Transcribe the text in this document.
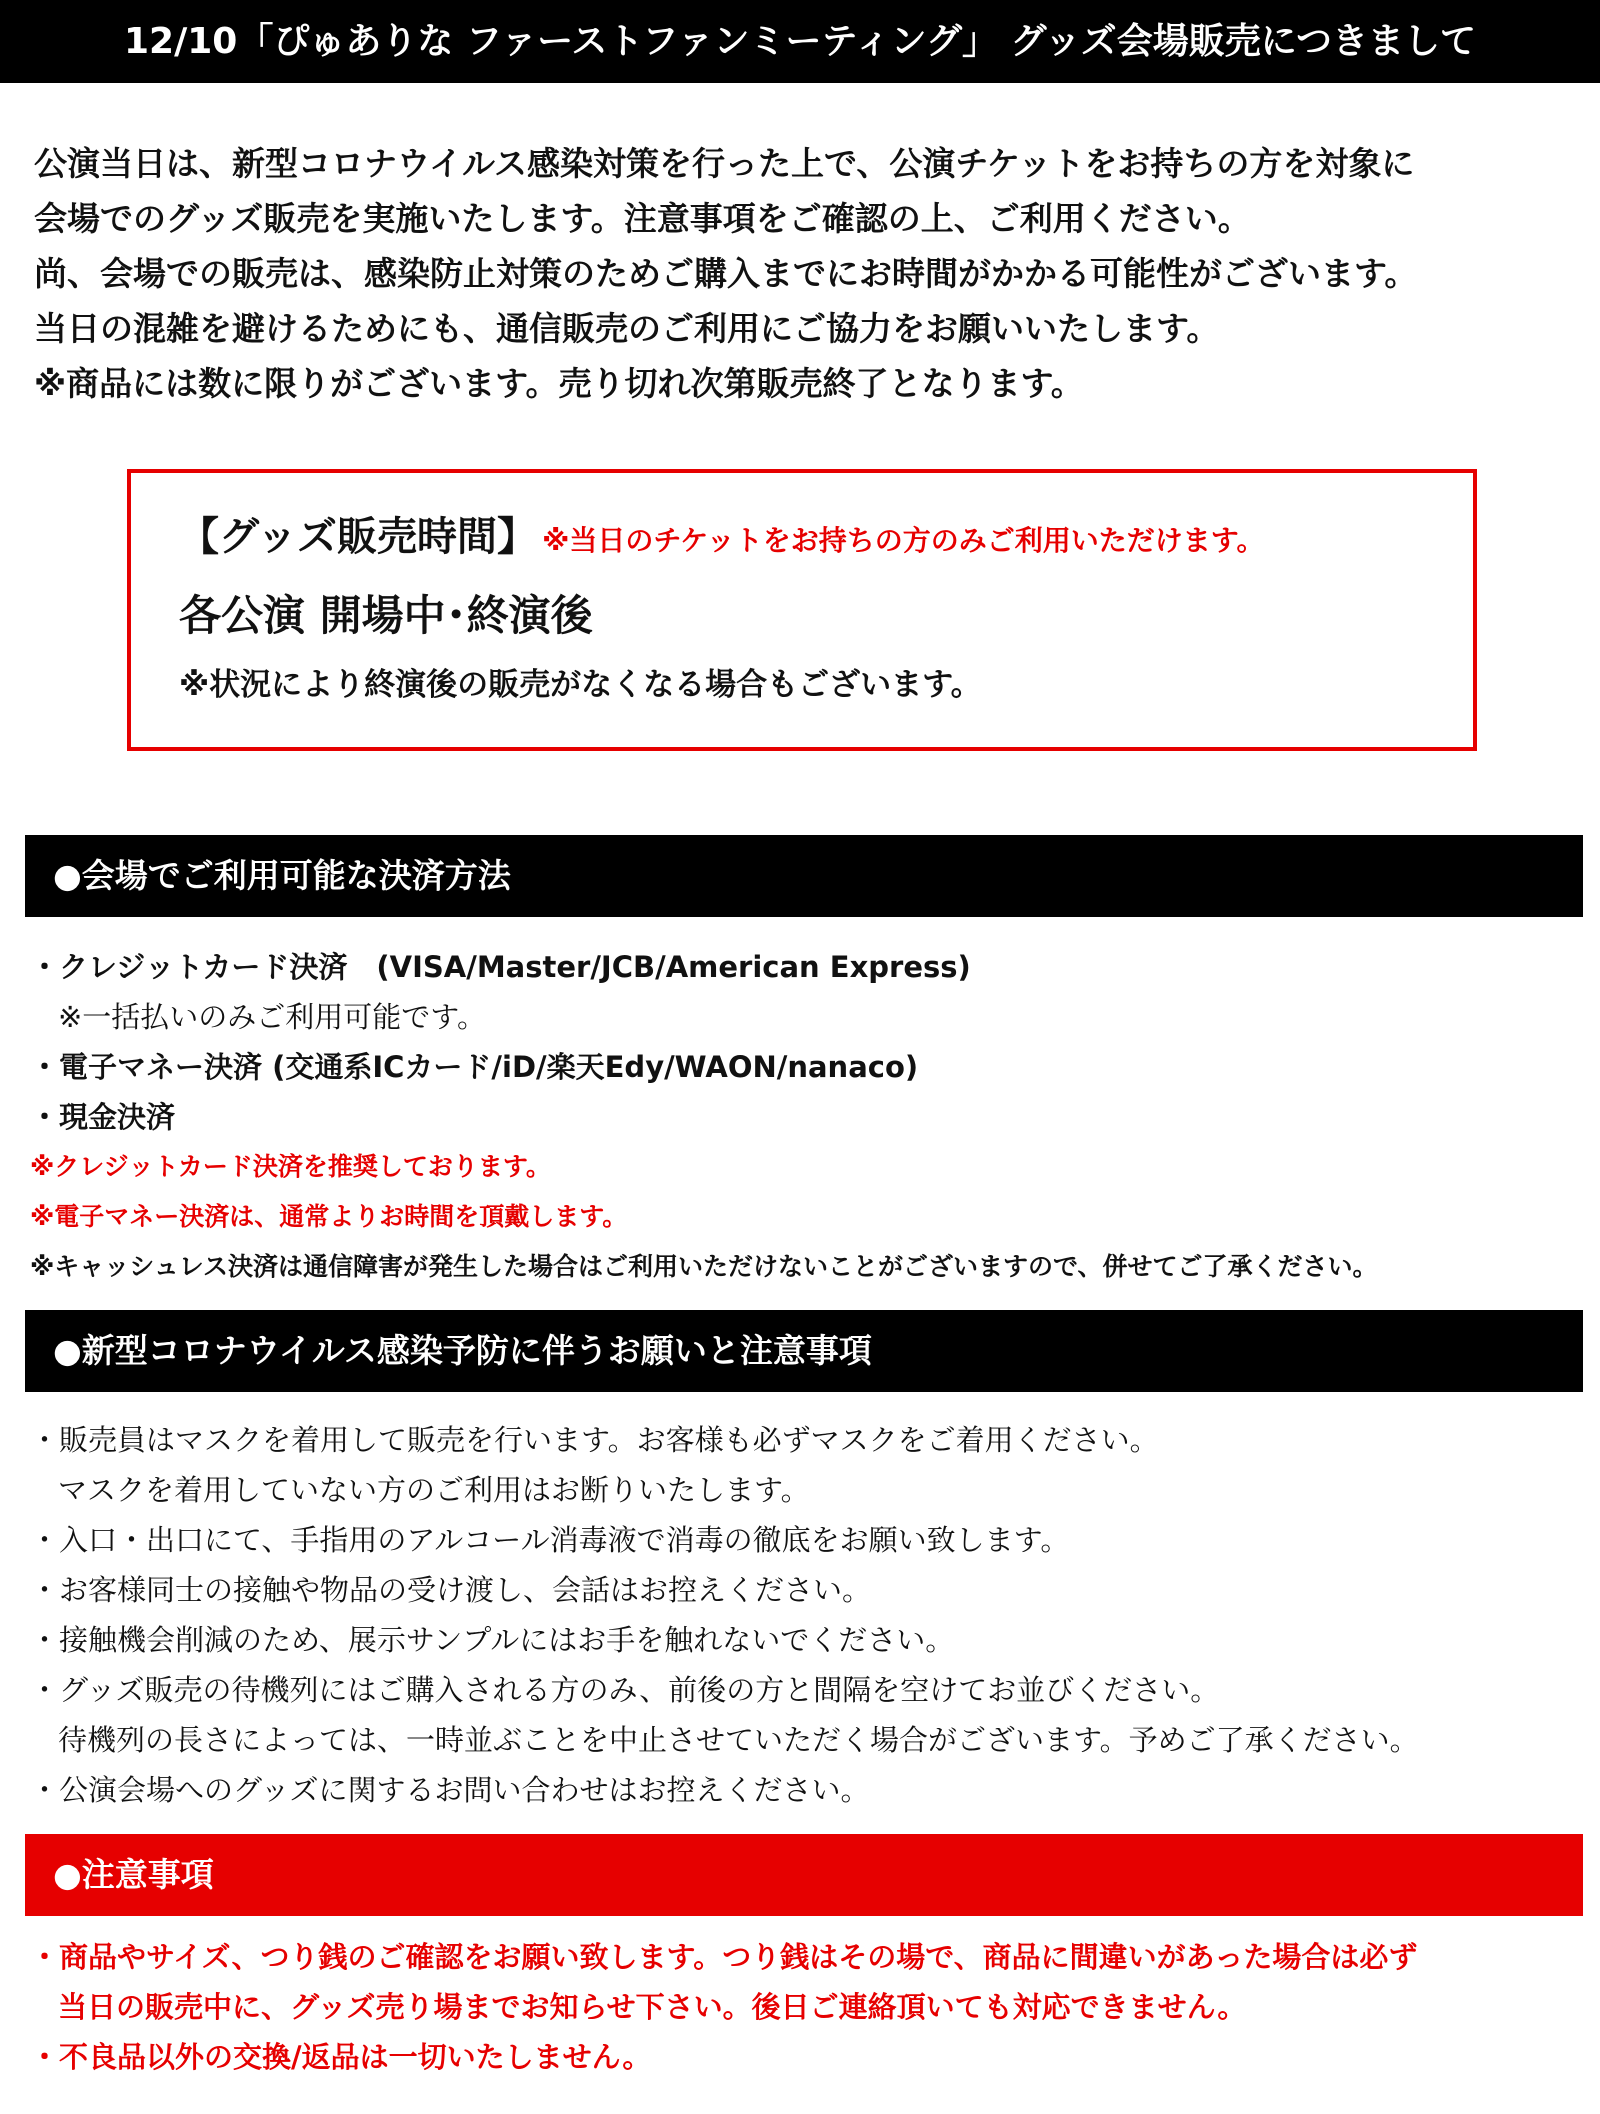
12/10「ぴゅありな ファーストファンミーティング」 グッズ会場販売につきまして

公演当日は、新型コロナウイルス感染対策を行った上で、公演チケットをお持ちの方を対象に

会場でのグッズ販売を実施いたします。注意事項をご確認の上、ご利用ください。

尚、会場での販売は、感染防止対策のためご購入までにお時間がかかる可能性がございます。

当日の混雑を避けるためにも、通信販売のご利用にご協力をお願いいたします。

※商品には数に限りがございます。売り切れ次第販売終了となります。

【グッズ販売時間】 ※当日のチケットをお持ちの方のみご利用いただけます。
各公演 開場中･終演後
※状況により終演後の販売がなくなる場合もございます。
●会場でご利用可能な決済方法
・クレジットカード決済　(VISA/Master/JCB/American Express)
※一括払いのみご利用可能です。
・電子マネー決済 (交通系ICカード/iD/楽天Edy/WAON/nanaco)
・現金決済
※クレジットカード決済を推奨しております。
※電子マネー決済は、通常よりお時間を頂戴します。
※キャッシュレス決済は通信障害が発生した場合はご利用いただけないことがございますので、併せてご了承ください。
●新型コロナウイルス感染予防に伴うお願いと注意事項
・販売員はマスクを着用して販売を行います。お客様も必ずマスクをご着用ください。
マスクを着用していない方のご利用はお断りいたします。
・入口・出口にて、手指用のアルコール消毒液で消毒の徹底をお願い致します。
・お客様同士の接触や物品の受け渡し、会話はお控えください。
・接触機会削減のため、展示サンプルにはお手を触れないでください。
・グッズ販売の待機列にはご購入される方のみ、前後の方と間隔を空けてお並びください。
待機列の長さによっては、一時並ぶことを中止させていただく場合がございます。予めご了承ください。
・公演会場へのグッズに関するお問い合わせはお控えください。
●注意事項
・商品やサイズ、つり銭のご確認をお願い致します。つり銭はその場で、商品に間違いがあった場合は必ず
当日の販売中に、グッズ売り場までお知らせ下さい。後日ご連絡頂いても対応できません。
・不良品以外の交換/返品は一切いたしません。
